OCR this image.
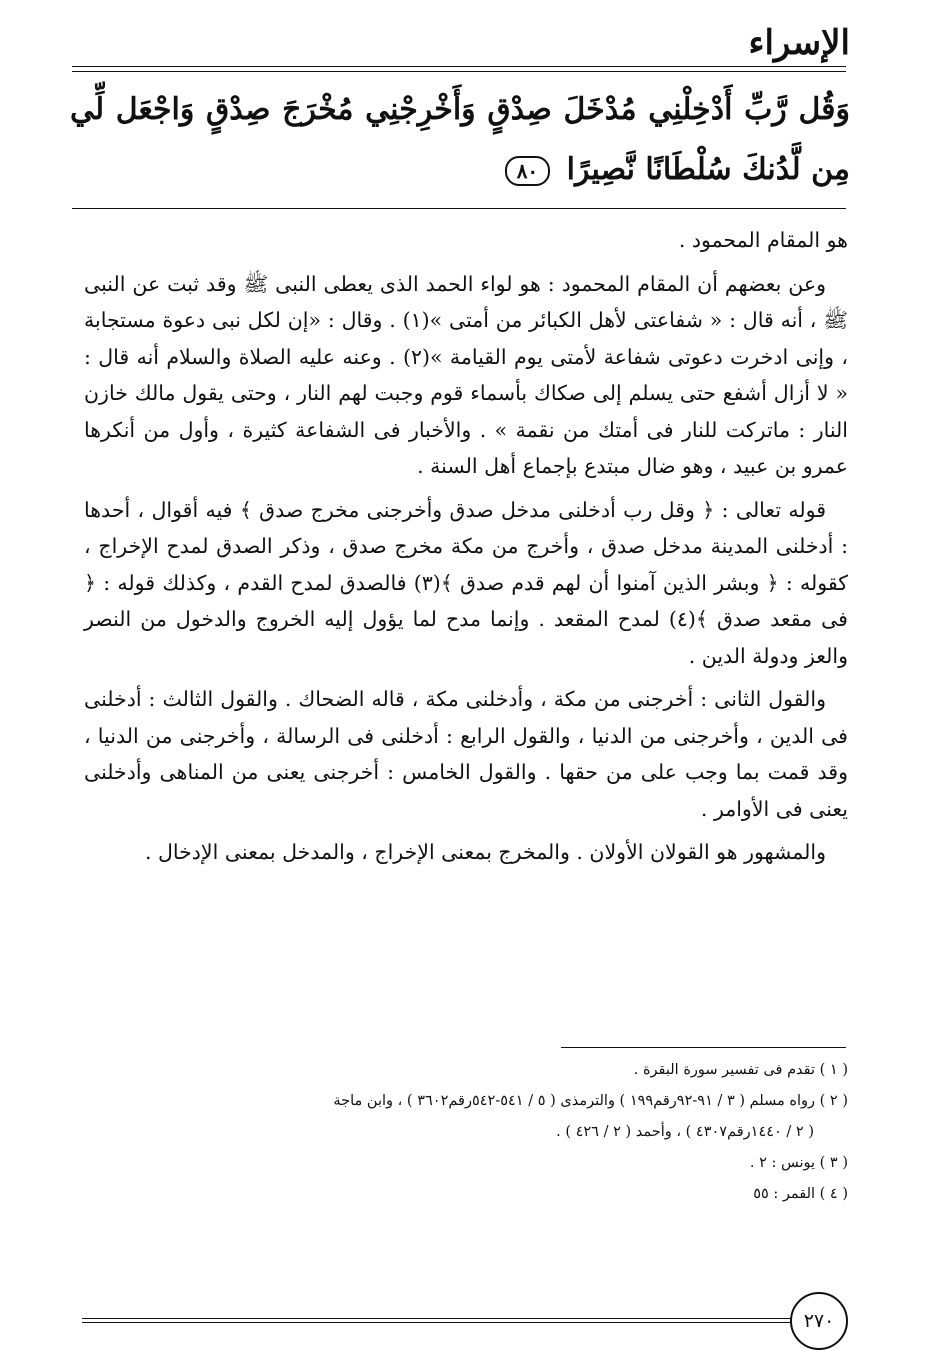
الإسراء

وَقُل رَّبِّ أَدْخِلْنِي مُدْخَلَ صِدْقٍ وَأَخْرِجْنِي مُخْرَجَ صِدْقٍ وَاجْعَل لِّي مِن لَّدُنكَ سُلْطَانًا نَّصِيرًا ٨٠

هو المقام المحمود .

وعن بعضهم أن المقام المحمود : هو لواء الحمد الذى يعطى النبى ﷺ وقد ثبت عن النبى ﷺ ، أنه قال : « شفاعتى لأهل الكبائر من أمتى »(١) . وقال : «إن لكل نبى دعوة مستجابة ، وإنى ادخرت دعوتى شفاعة لأمتى يوم القيامة »(٢) . وعنه عليه الصلاة والسلام أنه قال : « لا أزال أشفع حتى يسلم إلى صكاك بأسماء قوم وجبت لهم النار ، وحتى يقول مالك خازن النار : ماتركت للنار فى أمتك من نقمة » . والأخبار فى الشفاعة كثيرة ، وأول من أنكرها عمرو بن عبيد ، وهو ضال مبتدع بإجماع أهل السنة .

قوله تعالى : ﴿ وقل رب أدخلنى مدخل صدق وأخرجنى مخرج صدق ﴾ فيه أقوال ، أحدها : أدخلنى المدينة مدخل صدق ، وأخرج من مكة مخرج صدق ، وذكر الصدق لمدح الإخراج ، كقوله : ﴿ وبشر الذين آمنوا أن لهم قدم صدق ﴾(٣) فالصدق لمدح القدم ، وكذلك قوله : ﴿ فى مقعد صدق ﴾(٤) لمدح المقعد . وإنما مدح لما يؤول إليه الخروج والدخول من النصر والعز ودولة الدين .

والقول الثانى : أخرجنى من مكة ، وأدخلنى مكة ، قاله الضحاك . والقول الثالث : أدخلنى فى الدين ، وأخرجنى من الدنيا ، والقول الرابع : أدخلنى فى الرسالة ، وأخرجنى من الدنيا ، وقد قمت بما وجب على من حقها . والقول الخامس : أخرجنى يعنى من المناهى وأدخلنى يعنى فى الأوامر .

والمشهور هو القولان الأولان . والمخرج بمعنى الإخراج ، والمدخل بمعنى الإدخال .

( ١ ) تقدم فى تفسير سورة البقرة .

( ٢ ) رواه مسلم ( ٣ / ٩١-٩٢رقم١٩٩ ) والترمذى ( ٥ / ٥٤١-٥٤٢رقم٣٦٠٢ ) ، وابن ماجة

( ٢ / ١٤٤٠رقم٤٣٠٧ ) ، وأحمد ( ٢ / ٤٢٦ ) .

( ٣ ) يونس : ٢ .

( ٤ ) القمر : ٥٥

٢٧٠
